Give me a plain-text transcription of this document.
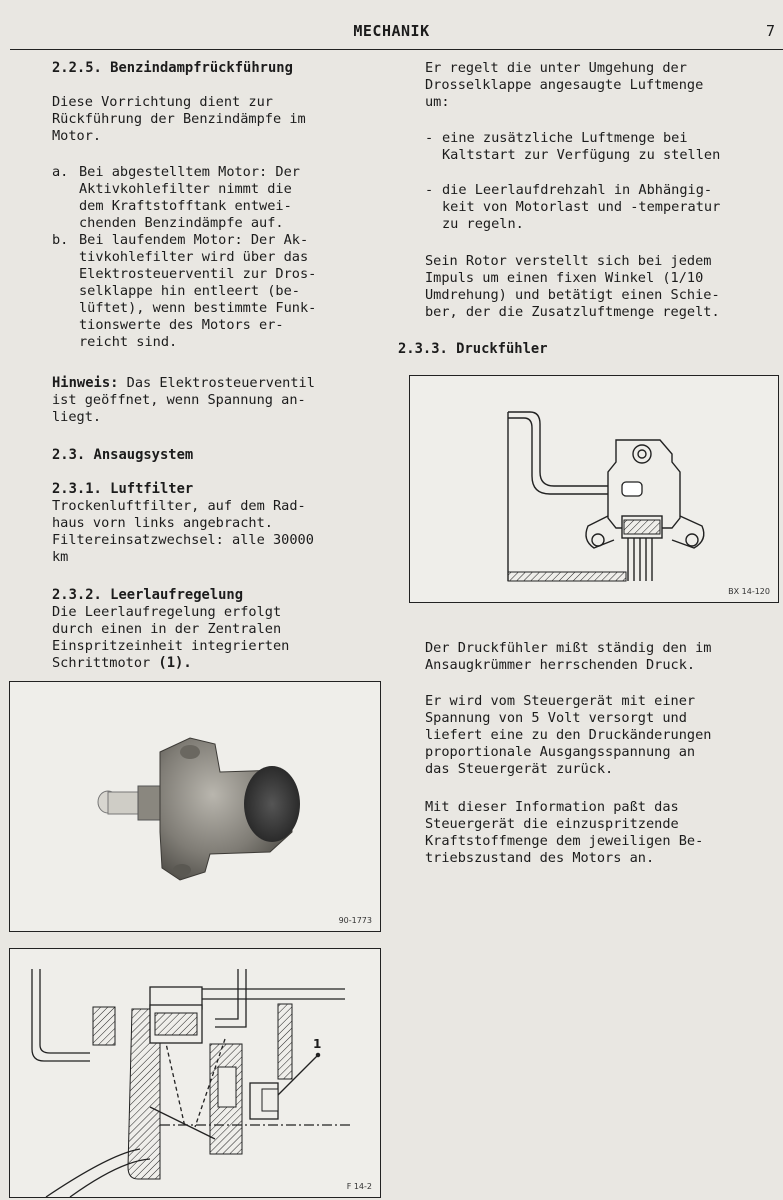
MECHANIK	7
2.2.5. Benzindampfrückführung

Diese Vorrichtung dient zur
Rückführung der Benzindämpfe im
Motor.

a. Bei abgestelltem Motor: Der
Aktivkohlefilter nimmt die
dem Kraftstofftank entwei-
chenden Benzindämpfe auf.

b. Bei laufendem Motor: Der Ak-
tivkohlefilter wird über das
Elektrosteuerventil zur Dros-
selklappe hin entleert (be-
lüftet), wenn bestimmte Funk-
tionswerte des Motors er-
reicht sind.

Hinweis: Das Elektrosteuerventil
ist geöffnet, wenn Spannung an-
liegt.

2.3. Ansaugsystem
2.3.1. Luftfilter

Trockenluftfilter, auf dem Rad-
haus vorn links angebracht.
Filtereinsatzwechsel: alle 30000
km

2.3.2. Leerlaufregelung

Die Leerlaufregelung erfolgt
durch einen in der Zentralen
Einspritzeinheit integrierten
Schrittmotor (1).

90-1773
1
F 14-2

Er regelt die unter Umgehung der
Drosselklappe angesaugte Luftmenge
um:

- eine zusätzliche Luftmenge bei
Kaltstart zur Verfügung zu stellen

- die Leerlaufdrehzahl in Abhängig-
keit von Motorlast und -temperatur
zu regeln.

Sein Rotor verstellt sich bei jedem
Impuls um einen fixen Winkel (1/10
Umdrehung) und betätigt einen Schie-
ber, der die Zusatzluftmenge regelt.

2.3.3. Druckfühler
BX 14-120

Der Druckfühler mißt ständig den im
Ansaugkrümmer herrschenden Druck.

Er wird vom Steuergerät mit einer
Spannung von 5 Volt versorgt und
liefert eine zu den Druckänderungen
proportionale Ausgangsspannung an
das Steuergerät zurück.

Mit dieser Information paßt das
Steuergerät die einzuspritzende
Kraftstoffmenge dem jeweiligen Be-
triebszustand des Motors an.
